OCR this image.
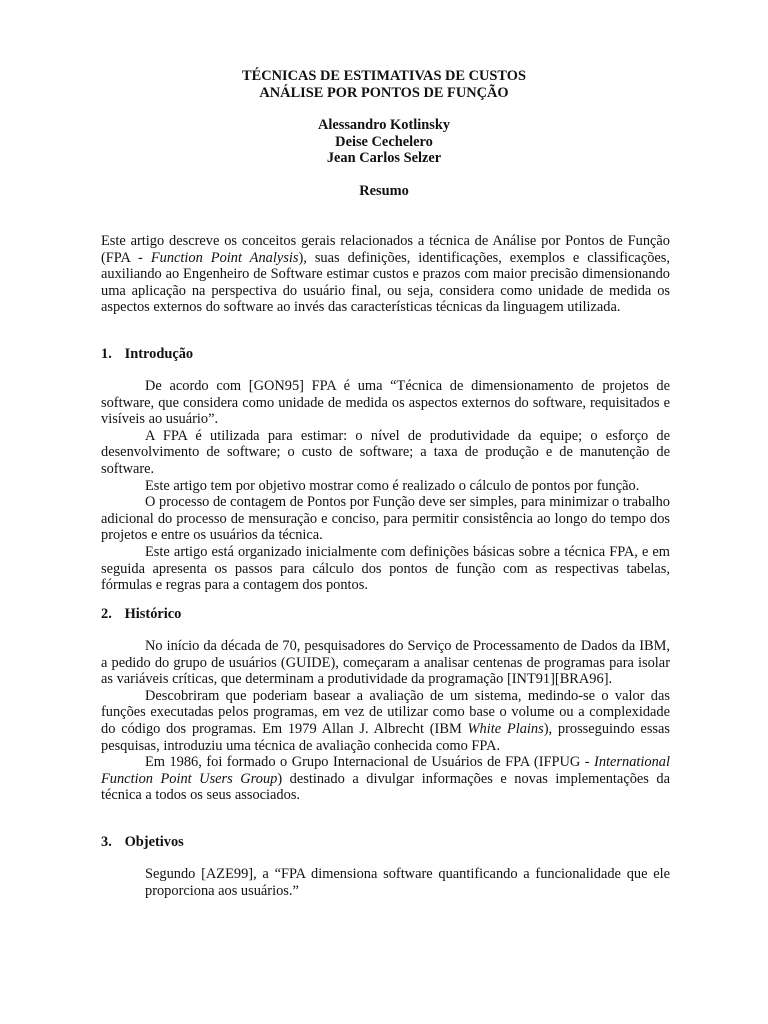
TÉCNICAS DE ESTIMATIVAS DE CUSTOS
ANÁLISE POR PONTOS DE FUNÇÃO
Alessandro Kotlinsky
Deise Cechelero
Jean Carlos Selzer
Resumo
Este artigo descreve os conceitos gerais relacionados a técnica de Análise por Pontos de Função (FPA - Function Point Analysis), suas definições, identificações, exemplos e classificações, auxiliando ao Engenheiro de Software estimar custos e prazos com maior precisão dimensionando uma aplicação na perspectiva do usuário final, ou seja, considera como unidade de medida os aspectos externos do software ao invés das características técnicas da linguagem utilizada.
1. Introdução

De acordo com [GON95] FPA é uma “Técnica de dimensionamento de projetos de software, que considera como unidade de medida os aspectos externos do software, requisitados e visíveis ao usuário”.

A FPA é utilizada para estimar: o nível de produtividade da equipe; o esforço de desenvolvimento de software; o custo de software; a taxa de produção e de manutenção de software.

Este artigo tem por objetivo mostrar como é realizado o cálculo de pontos por função.

O processo de contagem de Pontos por Função deve ser simples, para minimizar o trabalho adicional do processo de mensuração e conciso, para permitir consistência ao longo do tempo dos projetos e entre os usuários da técnica.

Este artigo está organizado inicialmente com definições básicas sobre a técnica FPA, e em seguida apresenta os passos para cálculo dos pontos de função com as respectivas tabelas, fórmulas e regras para a contagem dos pontos.

2. Histórico

No início da década de 70, pesquisadores do Serviço de Processamento de Dados da IBM, a pedido do grupo de usuários (GUIDE), começaram a analisar centenas de programas para isolar as variáveis críticas, que determinam a produtividade da programação [INT91][BRA96].

Descobriram que poderiam basear a avaliação de um sistema, medindo-se o valor das funções executadas pelos programas, em vez de utilizar como base o volume ou a complexidade do código dos programas. Em 1979 Allan J. Albrecht (IBM White Plains), prosseguindo essas pesquisas, introduziu uma técnica de avaliação conhecida como FPA.

Em 1986, foi formado o Grupo Internacional de Usuários de FPA (IFPUG - International Function Point Users Group) destinado a divulgar informações e novas implementações da técnica a todos os seus associados.

3. Objetivos

Segundo [AZE99], a “FPA dimensiona software quantificando a funcionalidade que ele proporciona aos usuários.”
